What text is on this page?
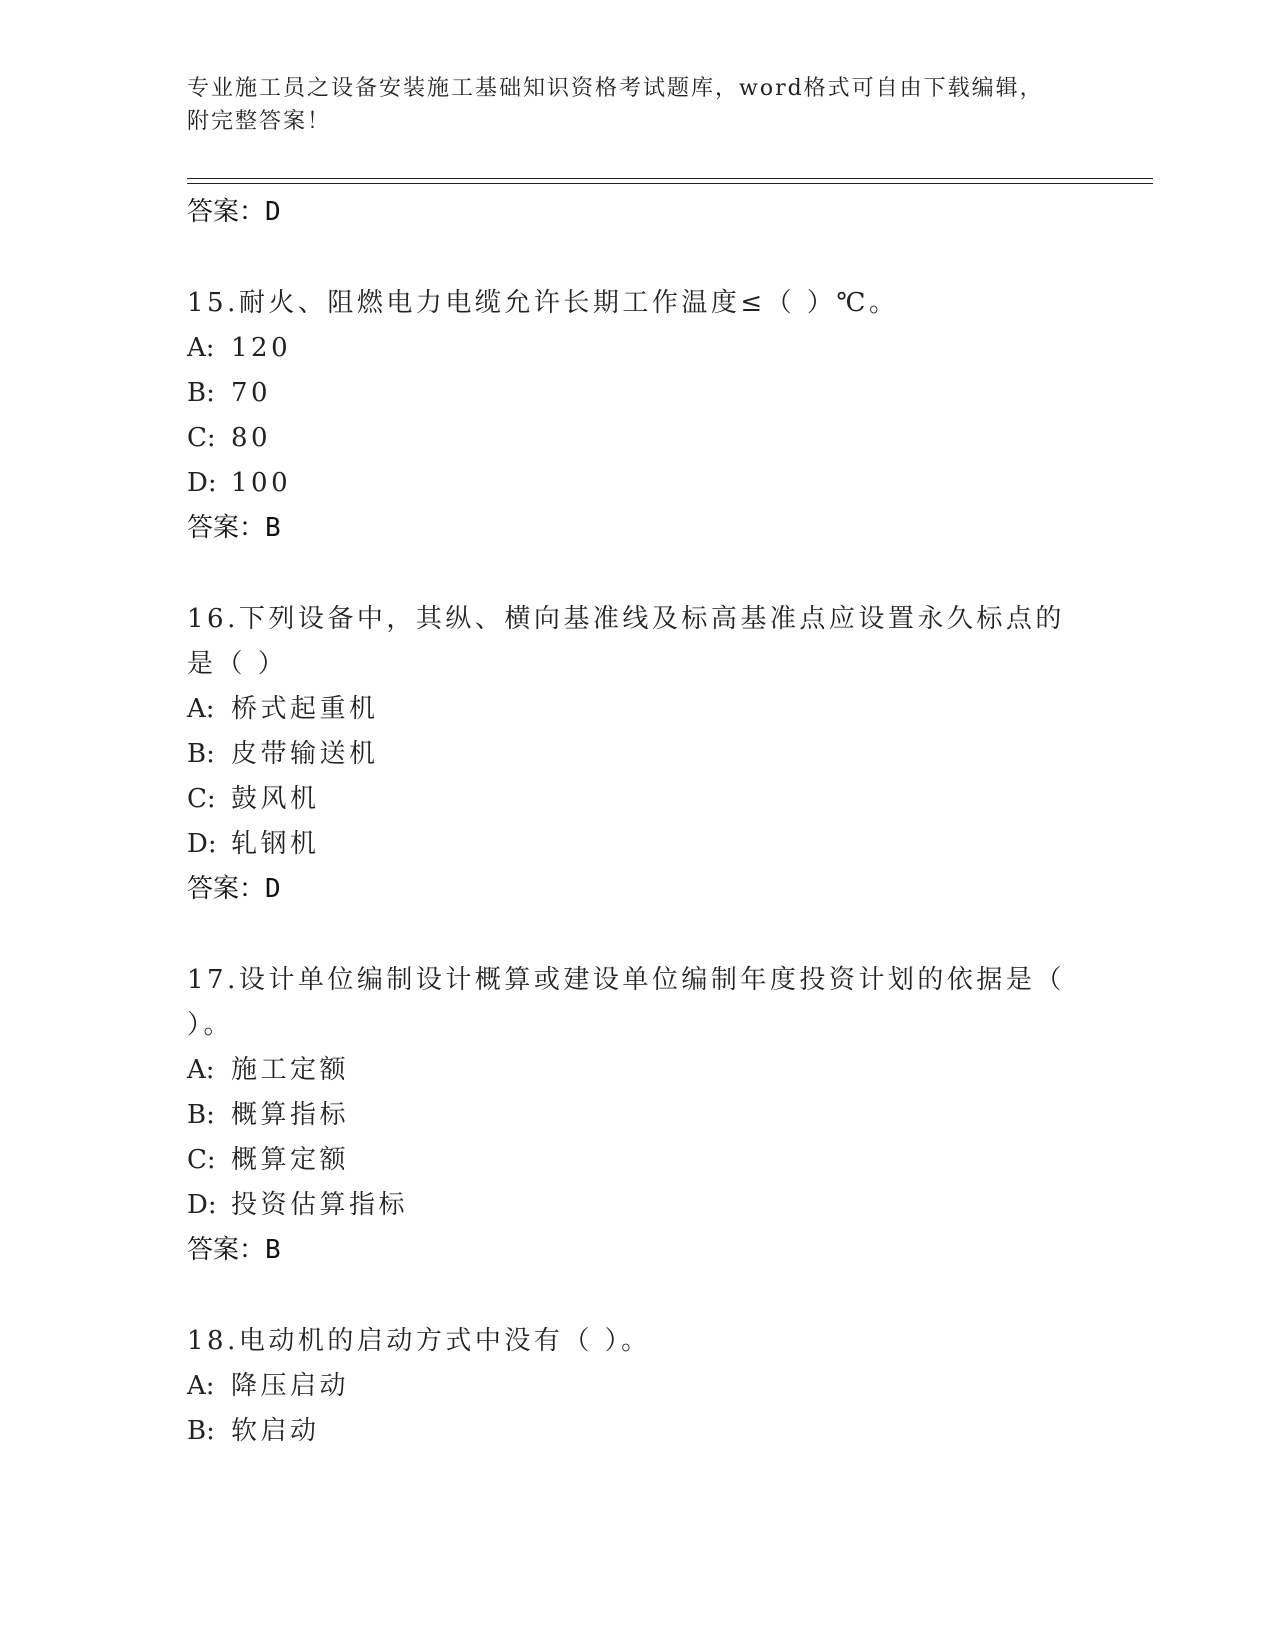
专业施工员之设备安装施工基础知识资格考试题库，word格式可自由下载编辑，
附完整答案！
答案：D
15.耐火、阻燃电力电缆允许长期工作温度≤（ ）℃。
A: 120
B: 70
C: 80
D: 100
答案：B
16.下列设备中，其纵、横向基准线及标高基准点应设置永久标点的是（ ）
A: 桥式起重机
B: 皮带输送机
C: 鼓风机
D: 轧钢机
答案：D
17.设计单位编制设计概算或建设单位编制年度投资计划的依据是（ ）。
A: 施工定额
B: 概算指标
C: 概算定额
D: 投资估算指标
答案：B
18.电动机的启动方式中没有（ ）。
A: 降压启动
B: 软启动
